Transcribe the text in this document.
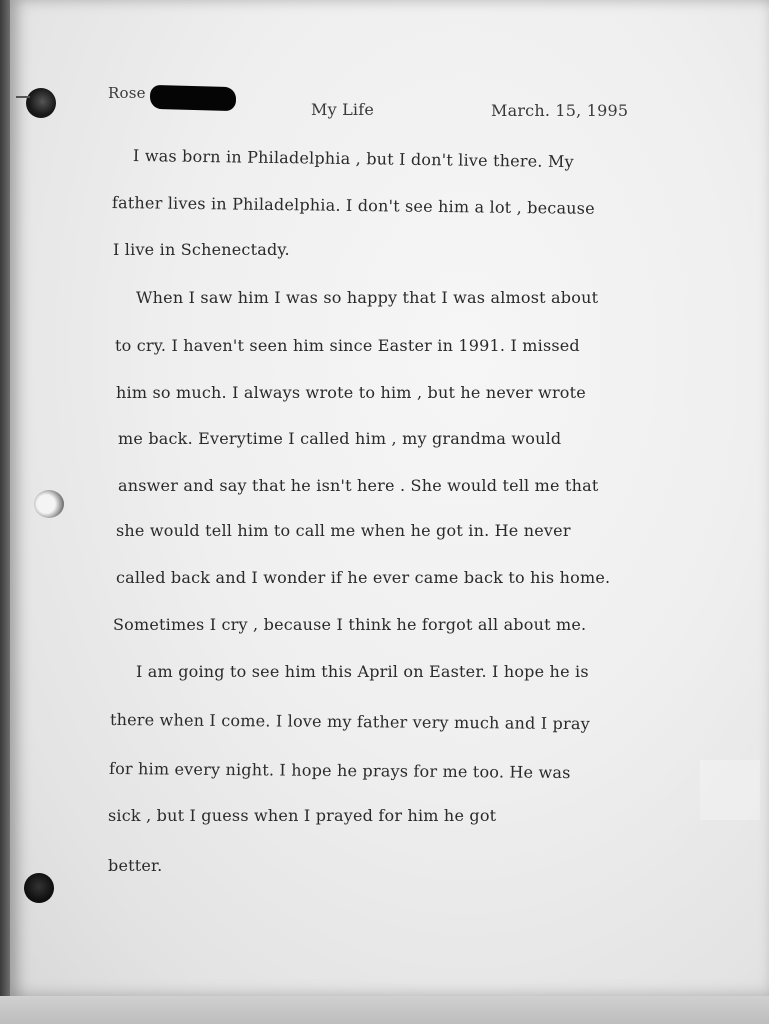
Rose
My Life	March. 15, 1995
I was born in Philadelphia , but I don't live there. My
father lives in Philadelphia. I don't see him a lot , because
I live in Schenectady.
When I saw him I was so happy that I was almost about
to cry. I haven't seen him since Easter in 1991. I missed
him so much. I always wrote to him , but he never wrote
me back. Everytime I called him , my grandma would
answer and say that he isn't here . She would tell me that
she would tell him to call me when he got in. He never
called back and I wonder if he ever came back to his home.
Sometimes I cry , because I think he forgot all about me.
I am going to see him this April on Easter. I hope he is
there when I come. I love my father very much and I pray
for him every night. I hope he prays for me too. He was
sick , but I guess when I prayed for him he got
better.
